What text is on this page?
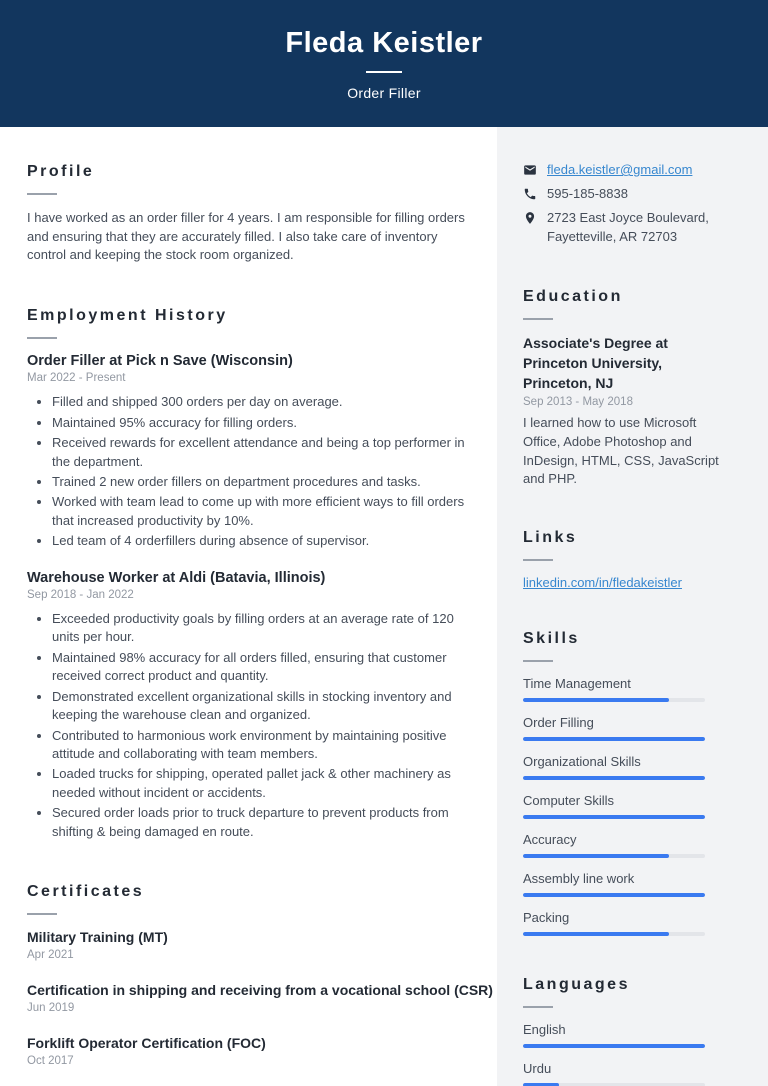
Fleda Keistler
Order Filler
Profile

I have worked as an order filler for 4 years. I am responsible for filling orders and ensuring that they are accurately filled. I also take care of inventory control and keeping the stock room organized.

Employment History
Order Filler at Pick n Save (Wisconsin)
Mar 2022 - Present
• Filled and shipped 300 orders per day on average.
• Maintained 95% accuracy for filling orders.
• Received rewards for excellent attendance and being a top performer in the department.
• Trained 2 new order fillers on department procedures and tasks.
• Worked with team lead to come up with more efficient ways to fill orders that increased productivity by 10%.
• Led team of 4 orderfillers during absence of supervisor.
Warehouse Worker at Aldi (Batavia, Illinois)
Sep 2018 - Jan 2022
• Exceeded productivity goals by filling orders at an average rate of 120 units per hour.
• Maintained 98% accuracy for all orders filled, ensuring that customer received correct product and quantity.
• Demonstrated excellent organizational skills in stocking inventory and keeping the warehouse clean and organized.
• Contributed to harmonious work environment by maintaining positive attitude and collaborating with team members.
• Loaded trucks for shipping, operated pallet jack & other machinery as needed without incident or accidents.
• Secured order loads prior to truck departure to prevent products from shifting & being damaged en route.
Certificates
Military Training (MT)
Apr 2021
Certification in shipping and receiving from a vocational school (CSR)
Jun 2019
Forklift Operator Certification (FOC)
Oct 2017
fleda.keistler@gmail.com
595-185-8838
2723 East Joyce Boulevard,
Fayetteville, AR 72703
Education
Associate's Degree at Princeton University, Princeton, NJ
Sep 2013 - May 2018

I learned how to use Microsoft Office, Adobe Photoshop and InDesign, HTML, CSS, JavaScript and PHP.

Links
linkedin.com/in/fledakeistler
Skills
Time Management
Order Filling
Organizational Skills
Computer Skills
Accuracy
Assembly line work
Packing
Languages
English
Urdu
